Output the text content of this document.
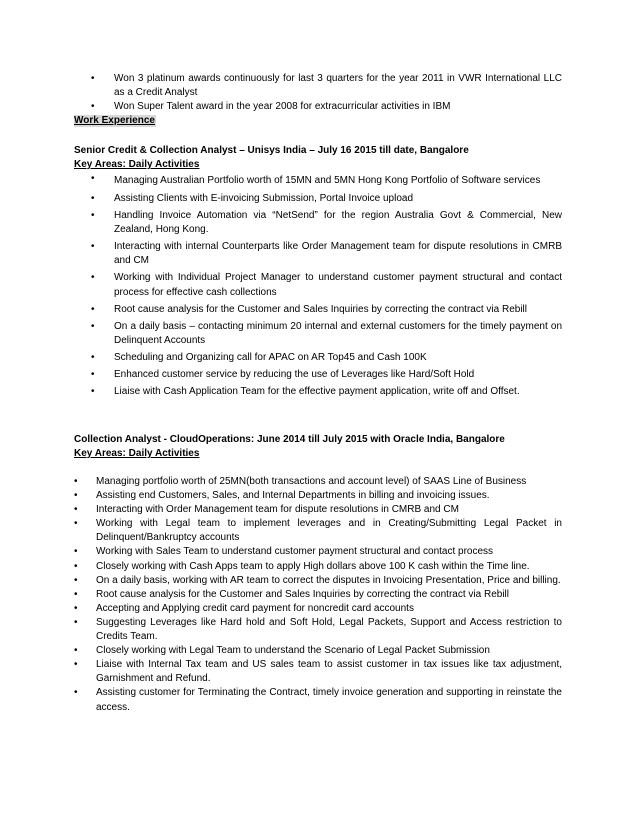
• Won 3 platinum awards continuously for last 3 quarters for the year 2011 in VWR International LLC as a Credit Analyst
• Won Super Talent award in the year 2008 for extracurricular activities in IBM
Work Experience
Senior Credit & Collection Analyst – Unisys India – July 16 2015 till date, Bangalore
Key Areas: Daily Activities
• Managing Australian Portfolio worth of 15MN and 5MN Hong Kong Portfolio of Software services
• Assisting Clients with E-invoicing Submission, Portal Invoice upload
• Handling Invoice Automation via “NetSend” for the region Australia Govt & Commercial, New Zealand, Hong Kong.
• Interacting with internal Counterparts like Order Management team for dispute resolutions in CMRB and CM
• Working with Individual Project Manager to understand customer payment structural and contact process for effective cash collections
• Root cause analysis for the Customer and Sales Inquiries by correcting the contract via Rebill
• On a daily basis – contacting minimum 20 internal and external customers for the timely payment on Delinquent Accounts
• Scheduling and Organizing call for APAC on AR Top45 and Cash 100K
• Enhanced customer service by reducing the use of Leverages like Hard/Soft Hold
• Liaise with Cash Application Team for the effective payment application, write off and Offset.
Collection Analyst - CloudOperations: June 2014 till July 2015 with Oracle India, Bangalore
Key Areas: Daily Activities
• Managing portfolio worth of 25MN(both transactions and account level) of SAAS Line of Business
• Assisting end Customers, Sales, and Internal Departments in billing and invoicing issues.
• Interacting with Order Management team for dispute resolutions in CMRB and CM
• Working with Legal team to implement leverages and in Creating/Submitting Legal Packet in Delinquent/Bankruptcy accounts
• Working with Sales Team to understand customer payment structural and contact process
• Closely working with Cash Apps team to apply High dollars above 100 K cash within the Time line.
• On a daily basis, working with AR team to correct the disputes in Invoicing Presentation, Price and billing.
• Root cause analysis for the Customer and Sales Inquiries by correcting the contract via Rebill
• Accepting and Applying credit card payment for noncredit card accounts
• Suggesting Leverages like Hard hold and Soft Hold, Legal Packets, Support and Access restriction to Credits Team.
• Closely working with Legal Team to understand the Scenario of Legal Packet Submission
• Liaise with Internal Tax team and US sales team to assist customer in tax issues like tax adjustment, Garnishment and Refund.
• Assisting customer for Terminating the Contract, timely invoice generation and supporting in reinstate the access.
